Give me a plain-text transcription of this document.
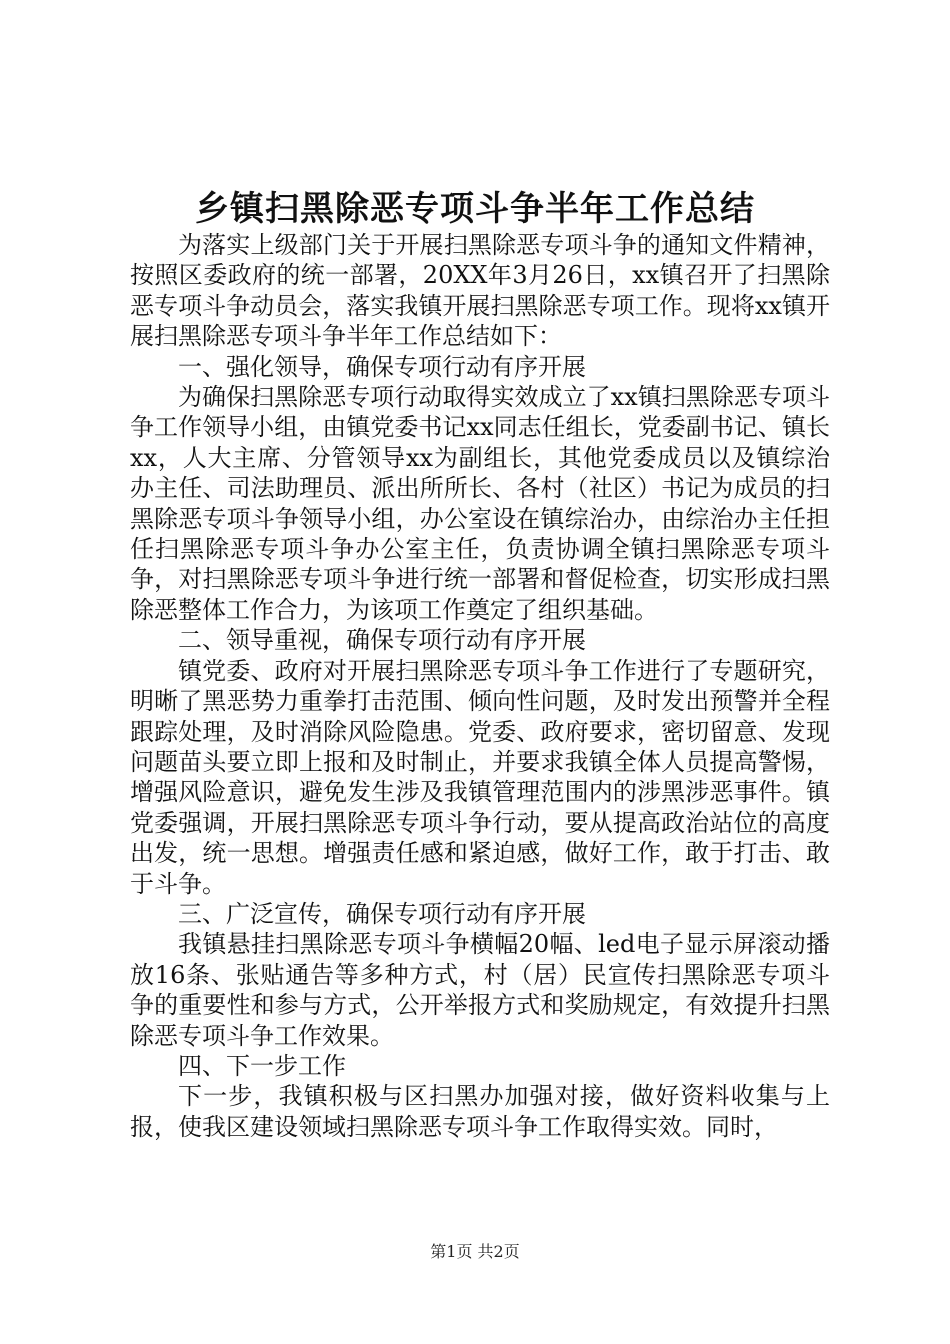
乡镇扫黑除恶专项斗争半年工作总结

为落实上级部门关于开展扫黑除恶专项斗争的通知文件精神，按照区委政府的统一部署，20XX年3月26日，xx镇召开了扫黑除恶专项斗争动员会，落实我镇开展扫黑除恶专项工作。现将xx镇开展扫黑除恶专项斗争半年工作总结如下：

一、强化领导，确保专项行动有序开展

为确保扫黑除恶专项行动取得实效成立了xx镇扫黑除恶专项斗争工作领导小组，由镇党委书记xx同志任组长，党委副书记、镇长xx，人大主席、分管领导xx为副组长，其他党委成员以及镇综治办主任、司法助理员、派出所所长、各村（社区）书记为成员的扫黑除恶专项斗争领导小组，办公室设在镇综治办，由综治办主任担任扫黑除恶专项斗争办公室主任，负责协调全镇扫黑除恶专项斗争，对扫黑除恶专项斗争进行统一部署和督促检查，切实形成扫黑除恶整体工作合力，为该项工作奠定了组织基础。

二、领导重视，确保专项行动有序开展

镇党委、政府对开展扫黑除恶专项斗争工作进行了专题研究，明晰了黑恶势力重拳打击范围、倾向性问题，及时发出预警并全程跟踪处理，及时消除风险隐患。党委、政府要求，密切留意、发现问题苗头要立即上报和及时制止，并要求我镇全体人员提高警惕，增强风险意识，避免发生涉及我镇管理范围内的涉黑涉恶事件。镇党委强调，开展扫黑除恶专项斗争行动，要从提高政治站位的高度出发，统一思想。增强责任感和紧迫感，做好工作，敢于打击、敢于斗争。

三、广泛宣传，确保专项行动有序开展

我镇悬挂扫黑除恶专项斗争横幅20幅、led电子显示屏滚动播放16条、张贴通告等多种方式，村（居）民宣传扫黑除恶专项斗争的重要性和参与方式，公开举报方式和奖励规定，有效提升扫黑除恶专项斗争工作效果。

四、下一步工作

下一步，我镇积极与区扫黑办加强对接，做好资料收集与上报，使我区建设领域扫黑除恶专项斗争工作取得实效。同时，

第1页 共2页
